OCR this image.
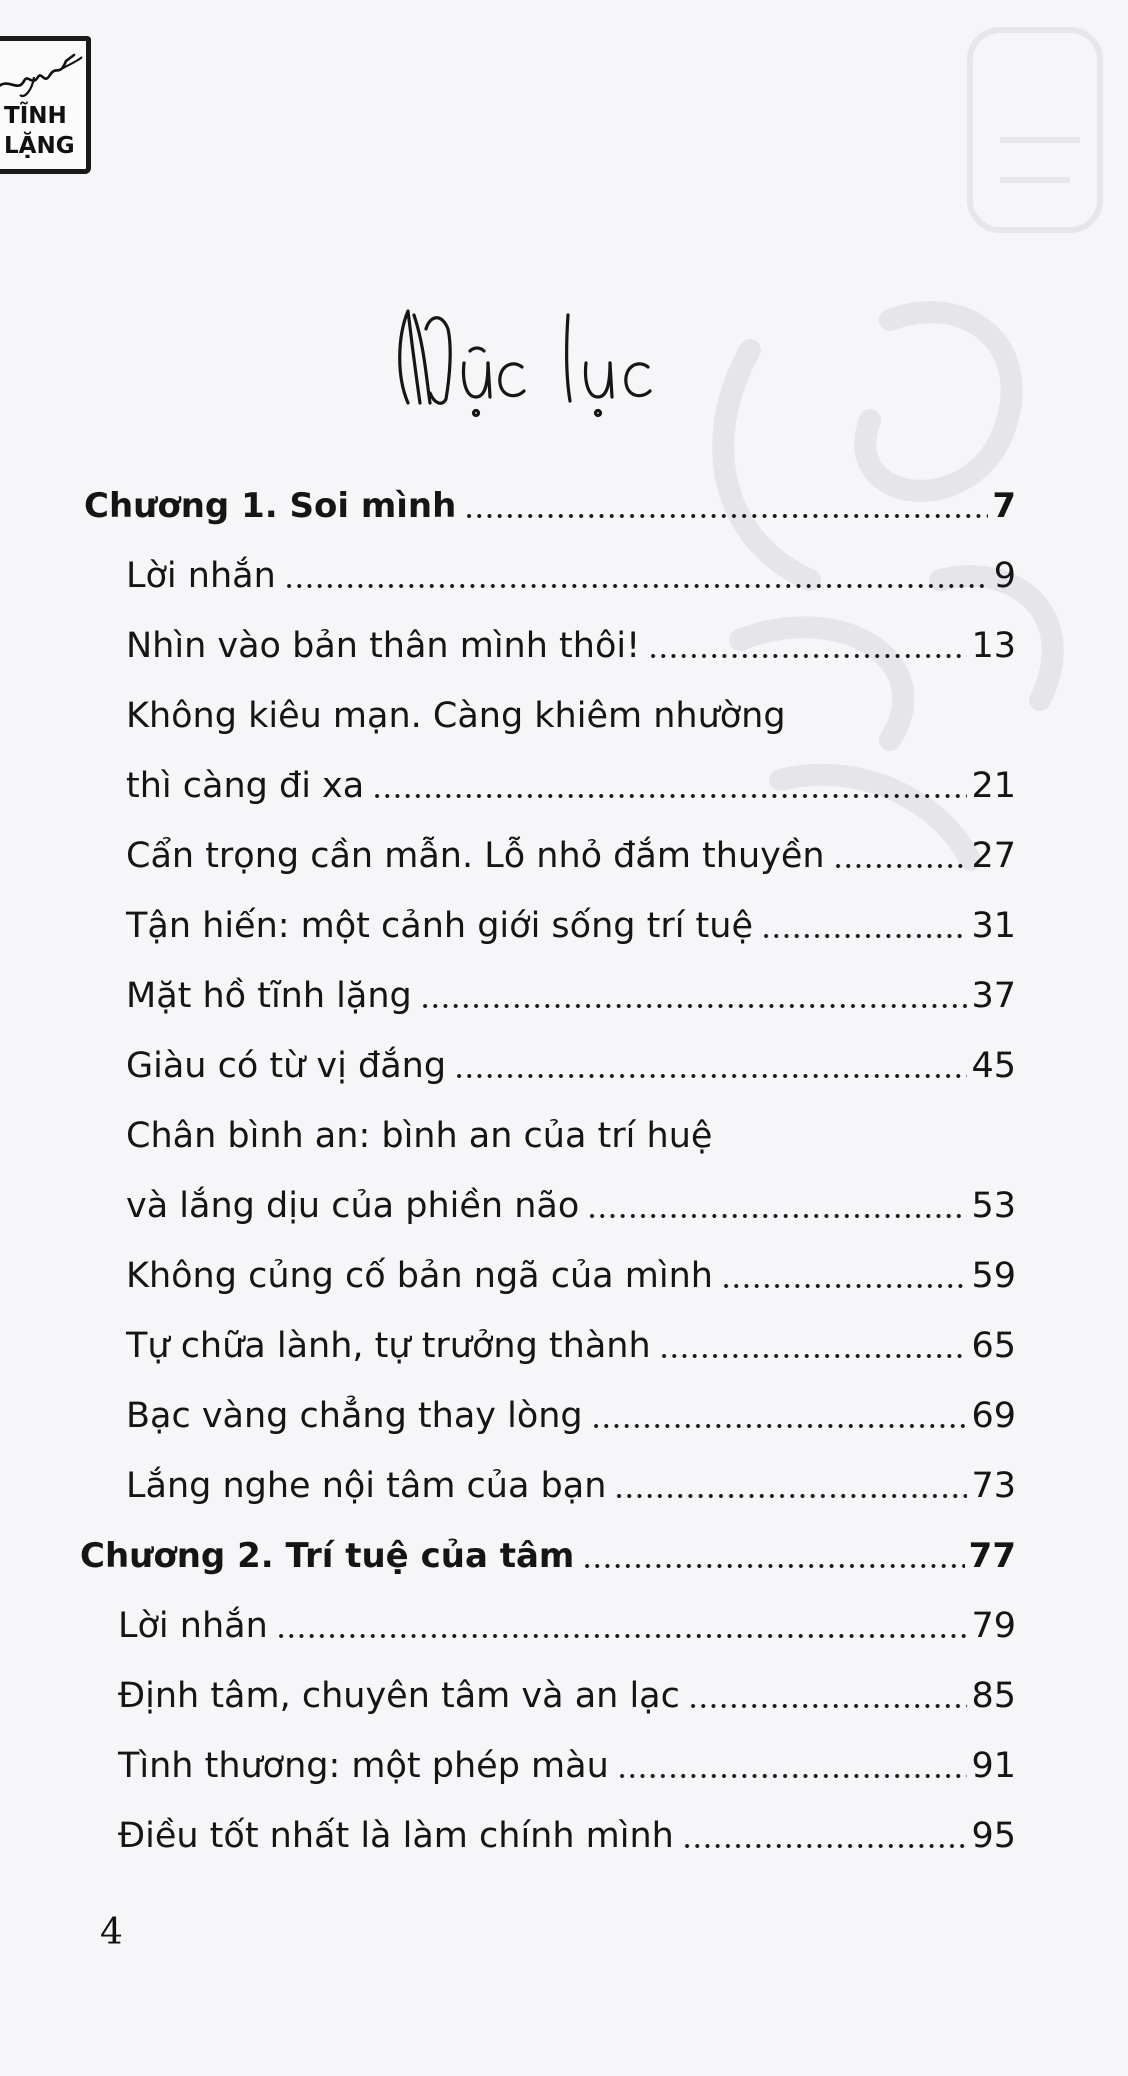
TĨNH
LẶNG
Chương 1. Soi mình	7
Lời nhắn	9
Nhìn vào bản thân mình thôi!	13
Không kiêu mạn. Càng khiêm nhường
thì càng đi xa	21
Cẩn trọng cần mẫn. Lỗ nhỏ đắm thuyền	27
Tận hiến: một cảnh giới sống trí tuệ	31
Mặt hồ tĩnh lặng	37
Giàu có từ vị đắng	45
Chân bình an: bình an của trí huệ
và lắng dịu của phiền não	53
Không củng cố bản ngã của mình	59
Tự chữa lành, tự trưởng thành	65
Bạc vàng chẳng thay lòng	69
Lắng nghe nội tâm của bạn	73
Chương 2. Trí tuệ của tâm	77
Lời nhắn	79
Định tâm, chuyên tâm và an lạc	85
Tình thương: một phép màu	91
Điều tốt nhất là làm chính mình	95
4
